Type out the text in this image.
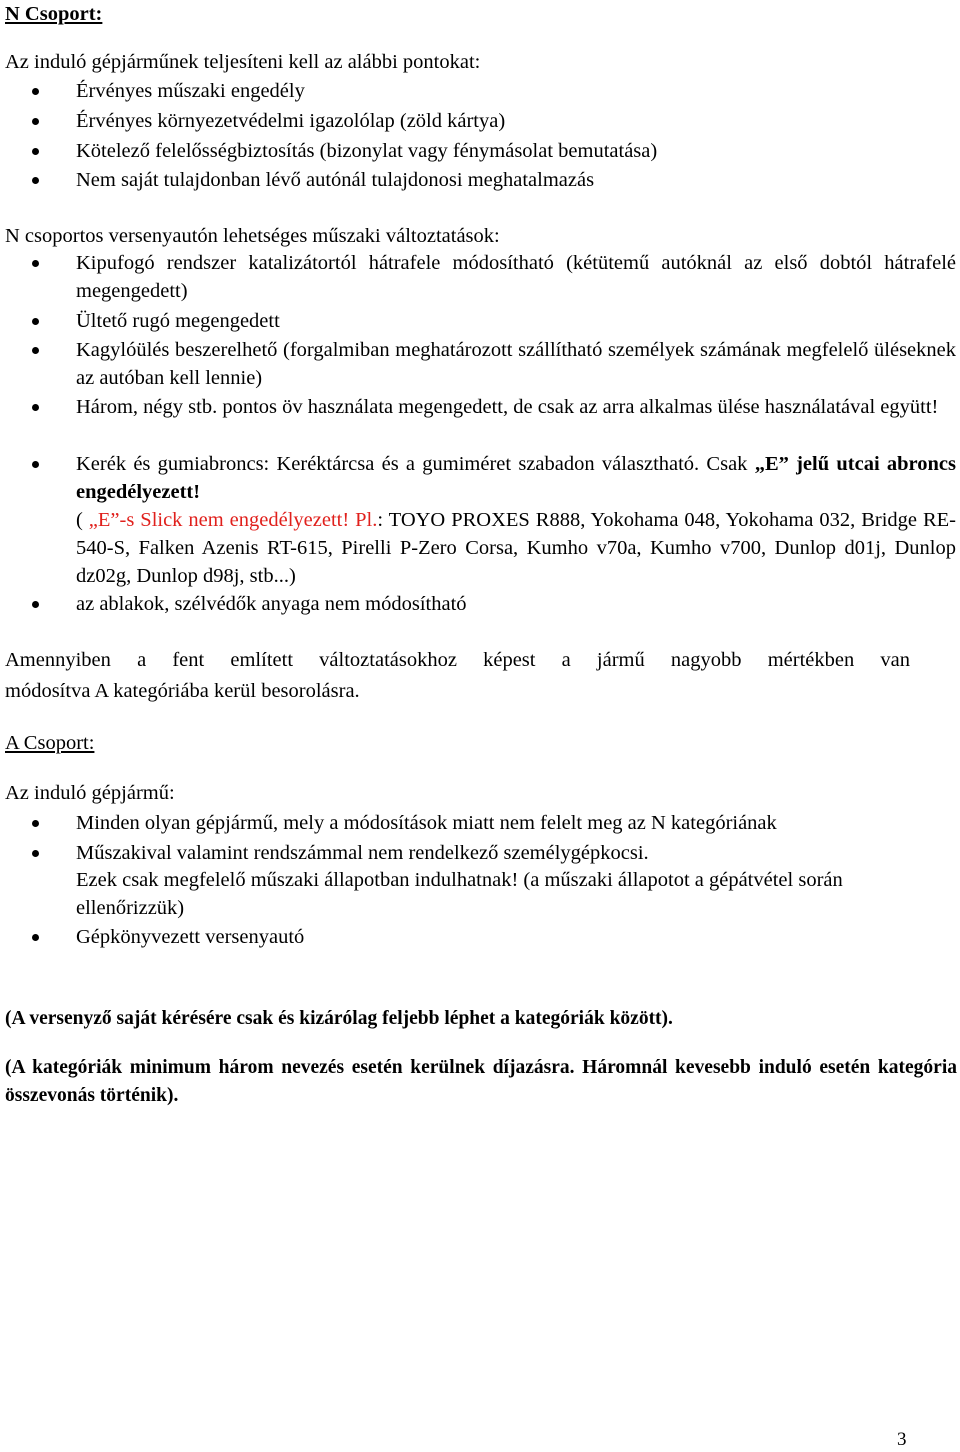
N Csoport:
Az induló gépjárműnek teljesíteni kell az alábbi pontokat:
Érvényes műszaki engedély
Érvényes környezetvédelmi igazolólap (zöld kártya)
Kötelező felelősségbiztosítás (bizonylat vagy fénymásolat bemutatása)
Nem saját tulajdonban lévő autónál tulajdonosi meghatalmazás
N csoportos versenyautón lehetséges műszaki változtatások:
Kipufogó rendszer katalizátortól hátrafele módosítható (kétütemű autóknál az első dobtól hátrafelé megengedett)
Ültető rugó megengedett
Kagylóülés beszerelhető (forgalmiban meghatározott szállítható személyek számának megfelelő üléseknek az autóban kell lennie)
Három, négy stb. pontos öv használata megengedett, de csak az arra alkalmas ülése használatával együtt!
Kerék és gumiabroncs: Keréktárcsa és a gumiméret szabadon választható. Csak „E” jelű utcai abroncs engedélyezett!
( „E”-s Slick nem engedélyezett! Pl.: TOYO PROXES R888, Yokohama 048, Yokohama 032, Bridge RE-540-S, Falken Azenis RT-615, Pirelli P-Zero Corsa, Kumho v70a, Kumho v700, Dunlop d01j, Dunlop dz02g, Dunlop d98j, stb...)
az ablakok, szélvédők anyaga nem módosítható
Amennyiben a fent említett változtatásokhoz képest a jármű nagyobb mértékben van
módosítva A kategóriába kerül besorolásra.
A Csoport:
Az induló gépjármű:
Minden olyan gépjármű, mely a módosítások miatt nem felelt meg az N kategóriának
Műszakival valamint rendszámmal nem rendelkező személygépkocsi.
Ezek csak megfelelő műszaki állapotban indulhatnak! (a műszaki állapotot a gépátvétel során ellenőrizzük)
Gépkönyvezett versenyautó
(A versenyző saját kérésére csak és kizárólag feljebb léphet a kategóriák között).
(A kategóriák minimum három nevezés esetén kerülnek díjazásra. Háromnál kevesebb induló esetén kategória összevonás történik).
3
